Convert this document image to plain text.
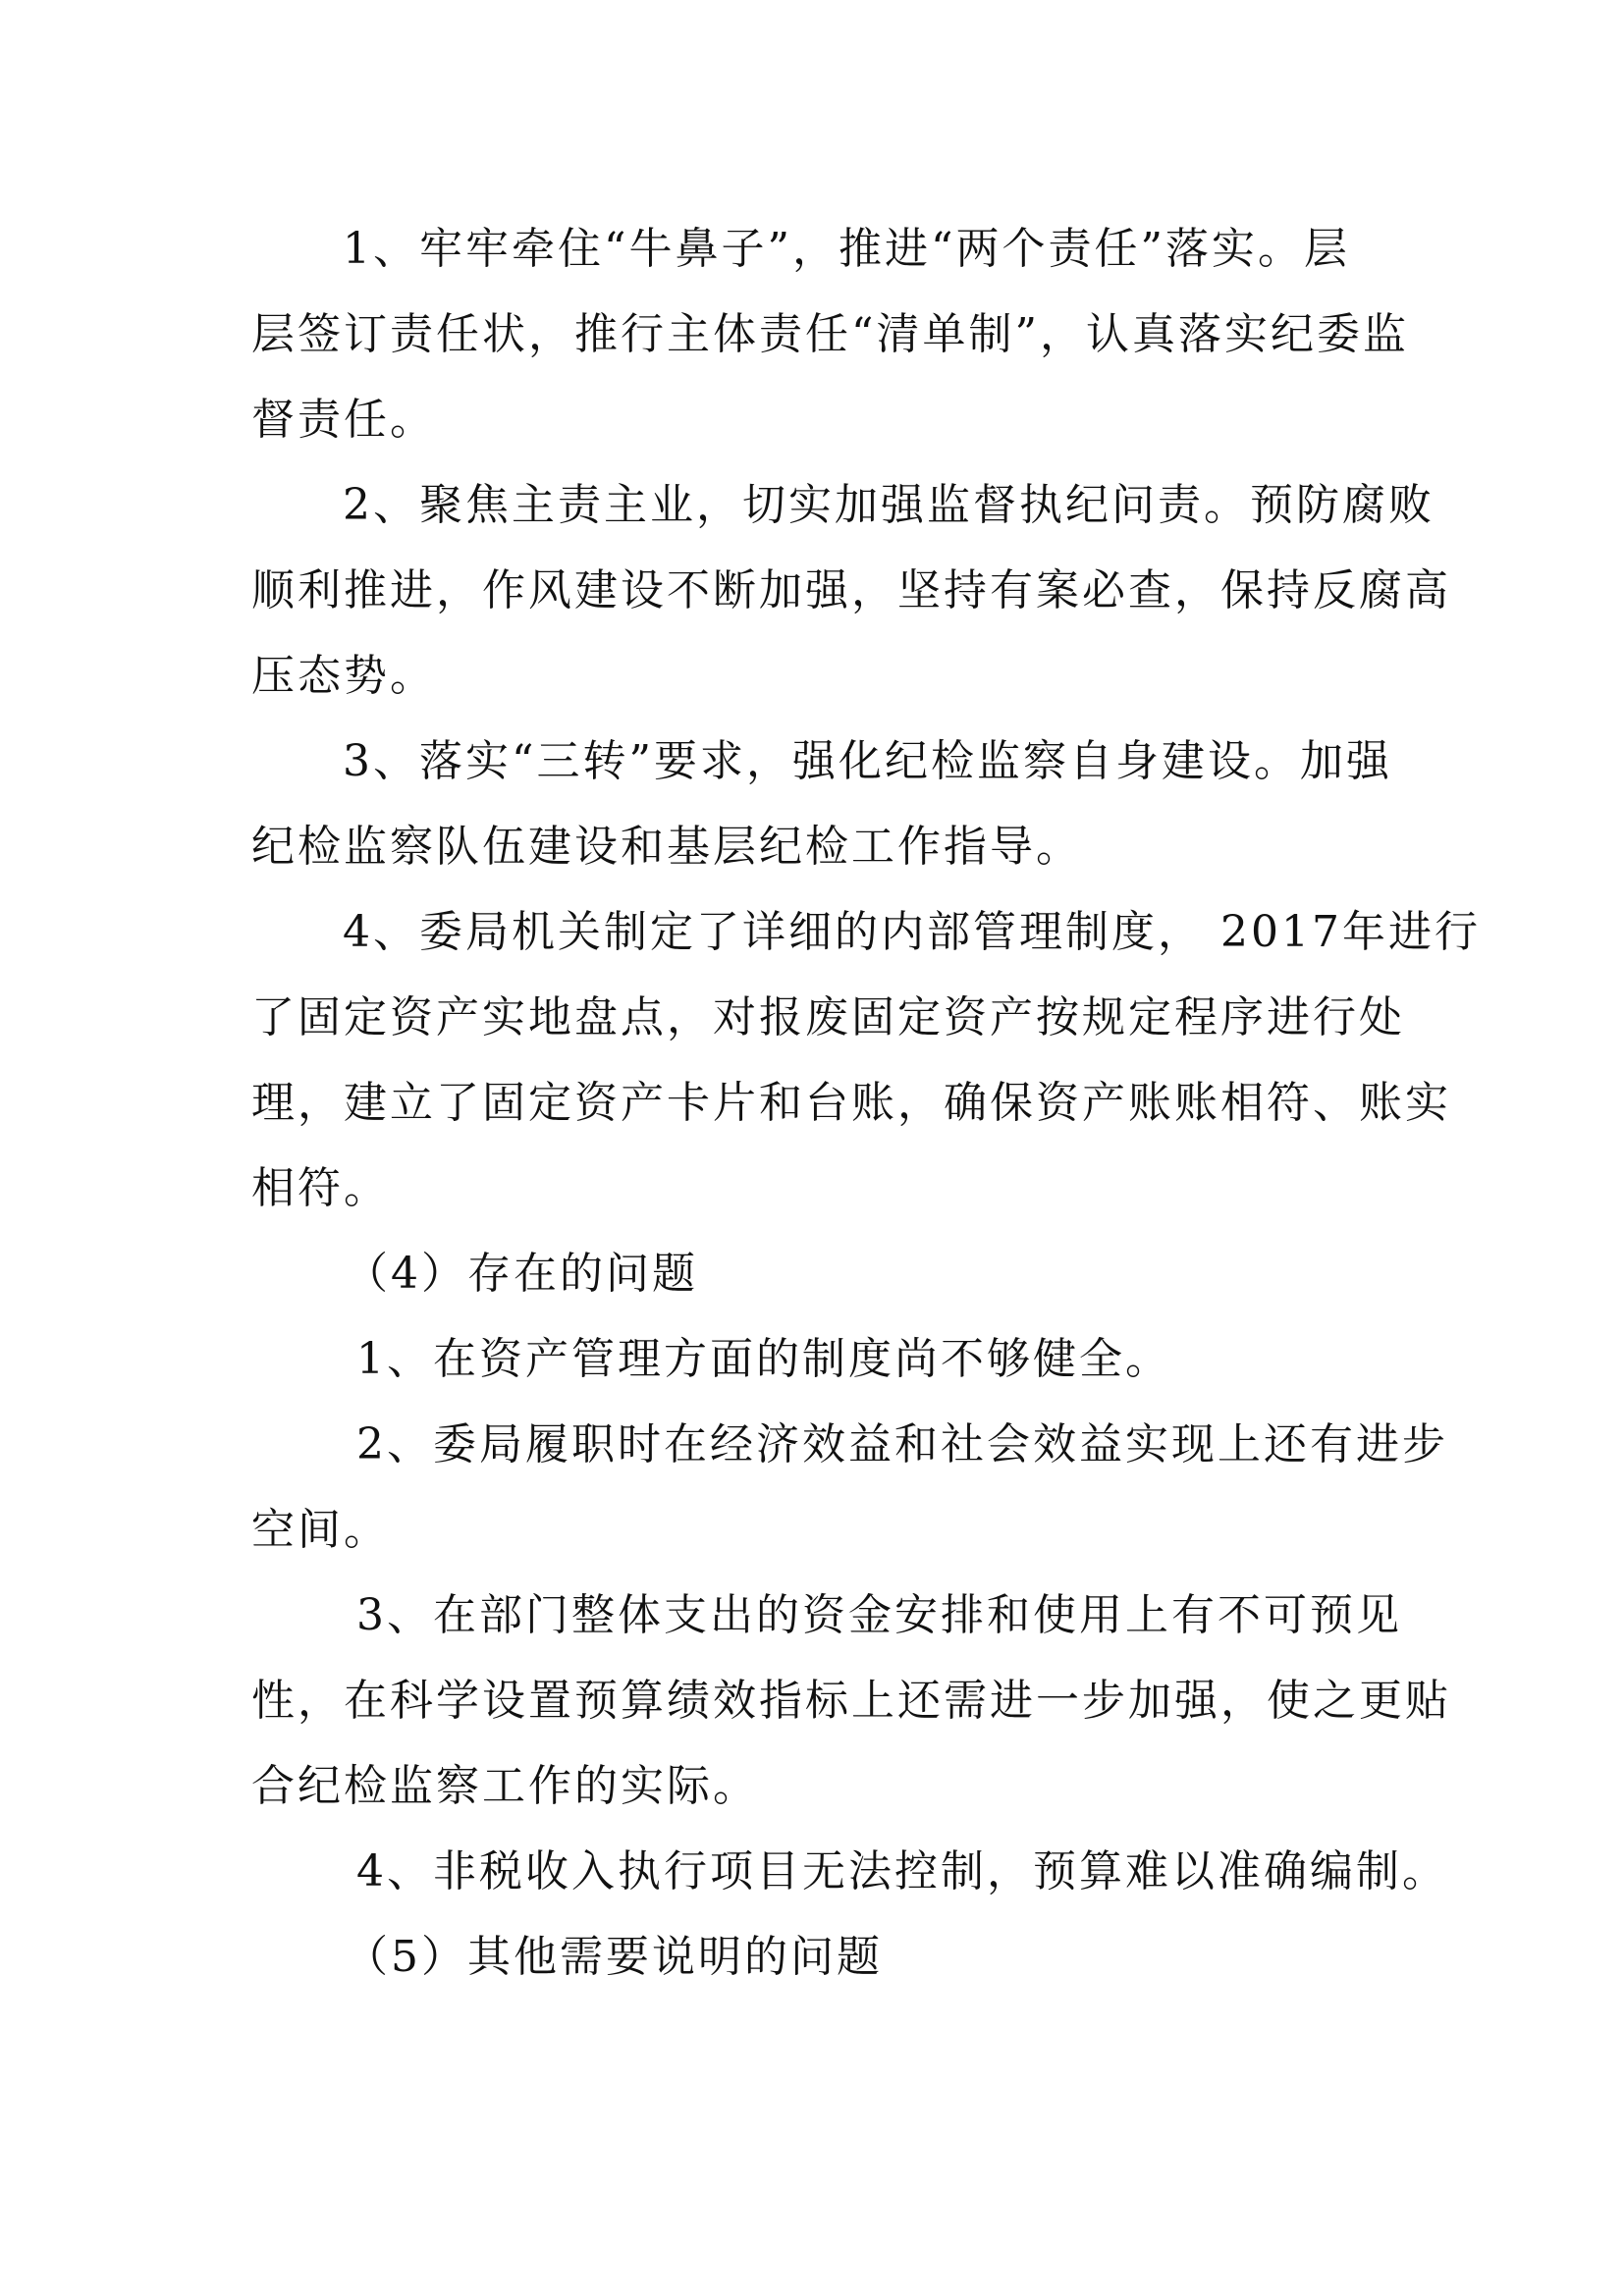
1、牢牢牵住“牛鼻子”，推进“两个责任”落实。层

层签订责任状，推行主体责任“清单制”，认真落实纪委监

督责任。

2、聚焦主责主业，切实加强监督执纪问责。预防腐败

顺利推进，作风建设不断加强，坚持有案必查，保持反腐高

压态势。

3、落实“三转”要求，强化纪检监察自身建设。加强

纪检监察队伍建设和基层纪检工作指导。

4、委局机关制定了详细的内部管理制度， 2017年进行

了固定资产实地盘点，对报废固定资产按规定程序进行处

理，建立了固定资产卡片和台账，确保资产账账相符、账实

相符。

（4）存在的问题

1、在资产管理方面的制度尚不够健全。

2、委局履职时在经济效益和社会效益实现上还有进步

空间。

3、在部门整体支出的资金安排和使用上有不可预见

性，在科学设置预算绩效指标上还需进一步加强，使之更贴

合纪检监察工作的实际。

4、非税收入执行项目无法控制，预算难以准确编制。

（5）其他需要说明的问题
